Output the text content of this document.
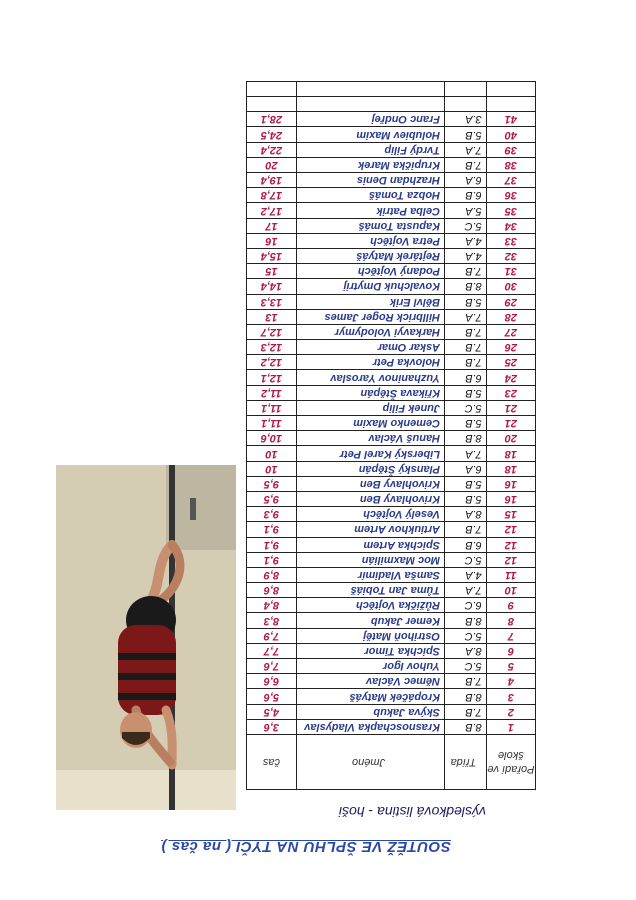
SOUTĚŽ VE ŠPLHU NA TYČI ( na čas )
výsledková listina - hoši
Pořadí ve škole	Třída	Jméno	čas
1	8.B	Krasnoschapka Vladyslav	3,6
2	7.B	Skýva Jakub	4,5
3	8.B	Kropáček Matyáš	5,6
4	7.B	Němec Václav	6,6
5	5.C	Yuhov Igor	7,6
6	8.A	Spichka Timor	7,7
7	5.C	Ostrihoň Matěj	7,9
8	8.B	Kemer Jakub	8,3
9	6.C	Růžička Vojtěch	8,4
10	7.A	Tůma Jan Tobiáš	8,6
11	4.A	Samša Vladimír	8,9
12	5.C	Moc Maxmilián	9,1
12	6.B	Spichka Artem	9,1
12	7.B	Artiukhov Artem	9,1
15	8.A	Veselý Vojtěch	9,3
16	5.B	Krivohlavy Ben	9,5
16	5.B	Krivohlavy Ben	9,5
18	6.A	Planský Štěpán	10
18	7.A	Liberský Karel Petr	10
20	8.B	Hanuš Václav	10,6
21	5.B	Cemenko Maxim	11,1
21	5.C	Junek Filip	11,1
23	5.B	Křikava Štěpán	11,2
24	6.B	Yuzhaninov Yaroslav	12,1
25	7.B	Holovka Petr	12,2
26	7.B	Askar Omar	12,3
27	7.B	Harkavyi Volodymyr	12,7
28	7.A	Hillbrick Roger James	13
29	5.B	Bělvl Erik	13,3
30	8.B	Kovalchuk Dmytrij	14,4
31	7.B	Podaný Vojtěch	15
32	4.A	Rejtárek Matyáš	15,4
33	4.A	Petra Vojtěch	16
34	5.C	Kapusta Tomáš	17
35	5.A	Celba Patrik	17,2
36	6.B	Hobza Tomáš	17,8
37	6.A	Hrazhdan Denis	19,4
38	7.B	Krupička Marek	20
39	7.A	Tvrdý Filip	22,4
40	5.B	Holubiev Maxim	24,5
41	3.A	Franc Ondřej	28,1
